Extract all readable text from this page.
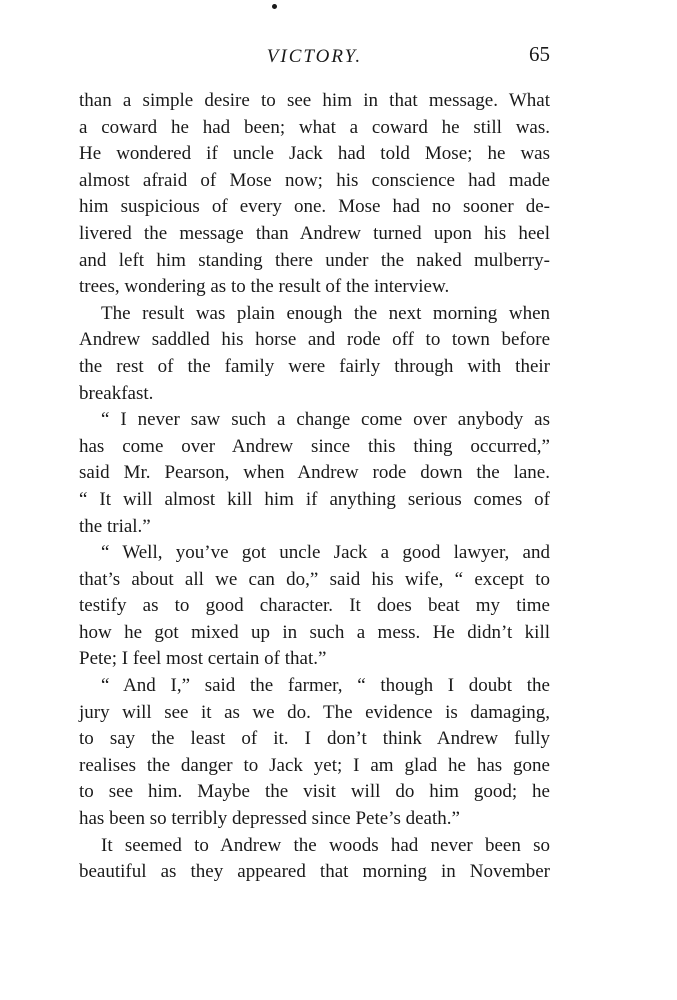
VICTORY.	65
than a simple desire to see him in that message. What
a coward he had been; what a coward he still was.
He wondered if uncle Jack had told Mose; he was
almost afraid of Mose now; his conscience had made
him suspicious of every one. Mose had no sooner de-
livered the message than Andrew turned upon his heel
and left him standing there under the naked mulberry-
trees, wondering as to the result of the interview.
The result was plain enough the next morning when
Andrew saddled his horse and rode off to town before
the rest of the family were fairly through with their
breakfast.
“ I never saw such a change come over anybody as
has come over Andrew since this thing occurred,”
said Mr. Pearson, when Andrew rode down the lane.
“ It will almost kill him if anything serious comes of
the trial.”
“ Well, you’ve got uncle Jack a good lawyer, and
that’s about all we can do,” said his wife, “ except to
testify as to good character. It does beat my time
how he got mixed up in such a mess. He didn’t kill
Pete; I feel most certain of that.”
“ And I,” said the farmer, “ though I doubt the
jury will see it as we do. The evidence is damaging,
to say the least of it. I don’t think Andrew fully
realises the danger to Jack yet; I am glad he has gone
to see him. Maybe the visit will do him good; he
has been so terribly depressed since Pete’s death.”
It seemed to Andrew the woods had never been so
beautiful as they appeared that morning in November
